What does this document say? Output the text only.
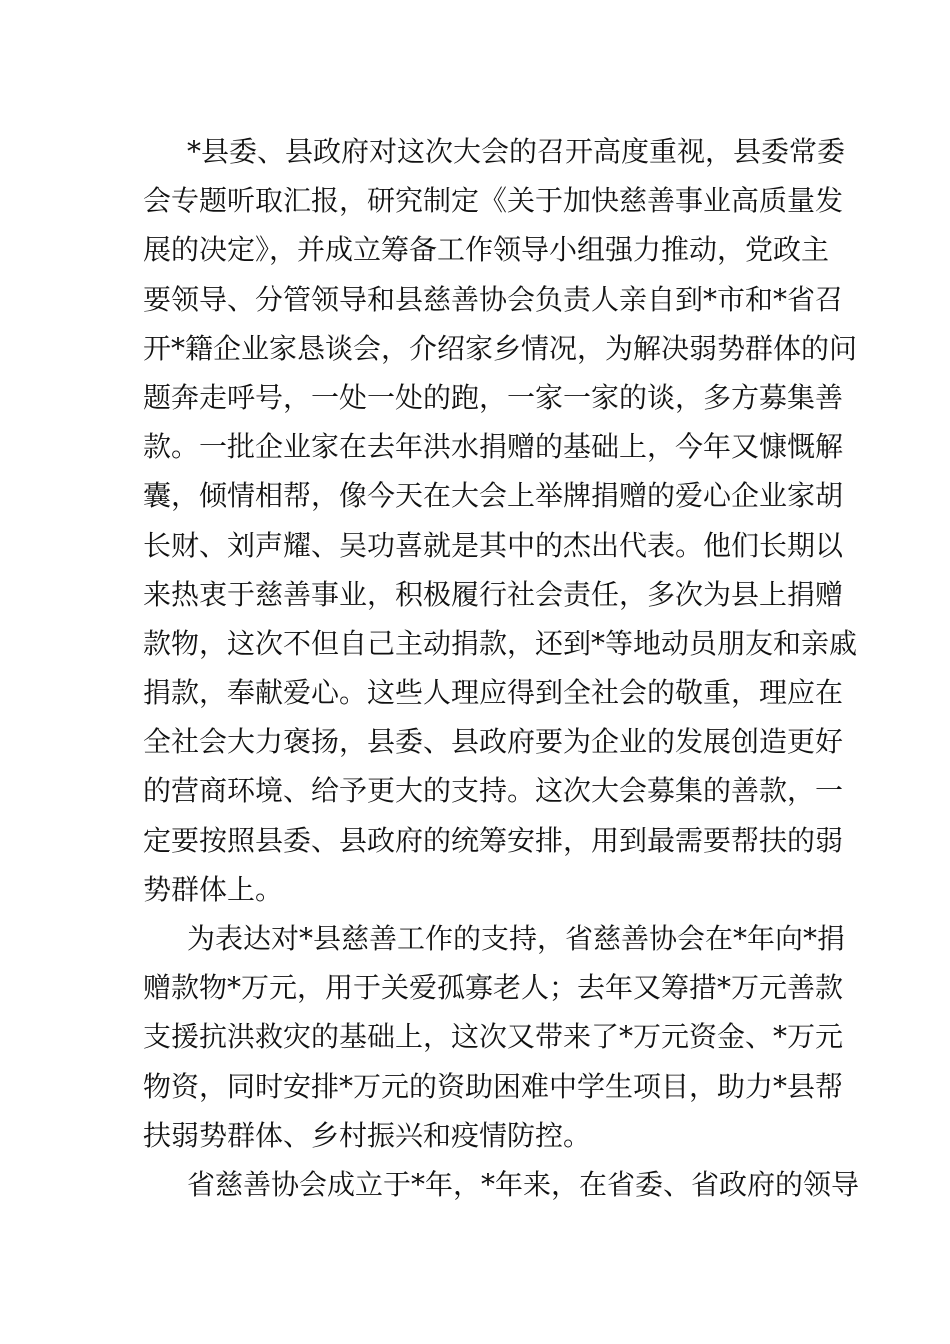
*县委、县政府对这次大会的召开高度重视，县委常委
会专题听取汇报，研究制定《关于加快慈善事业高质量发
展的决定》，并成立筹备工作领导小组强力推动，党政主
要领导、分管领导和县慈善协会负责人亲自到*市和*省召
开*籍企业家恳谈会，介绍家乡情况，为解决弱势群体的问
题奔走呼号，一处一处的跑，一家一家的谈，多方募集善
款。一批企业家在去年洪水捐赠的基础上，今年又慷慨解
囊，倾情相帮，像今天在大会上举牌捐赠的爱心企业家胡
长财、刘声耀、吴功喜就是其中的杰出代表。他们长期以
来热衷于慈善事业，积极履行社会责任，多次为县上捐赠
款物，这次不但自己主动捐款，还到*等地动员朋友和亲戚
捐款，奉献爱心。这些人理应得到全社会的敬重，理应在
全社会大力褒扬，县委、县政府要为企业的发展创造更好
的营商环境、给予更大的支持。这次大会募集的善款，一
定要按照县委、县政府的统筹安排，用到最需要帮扶的弱
势群体上。
为表达对*县慈善工作的支持，省慈善协会在*年向*捐
赠款物*万元，用于关爱孤寡老人；去年又筹措*万元善款
支援抗洪救灾的基础上，这次又带来了*万元资金、*万元
物资，同时安排*万元的资助困难中学生项目，助力*县帮
扶弱势群体、乡村振兴和疫情防控。
省慈善协会成立于*年，*年来，在省委、省政府的领导
